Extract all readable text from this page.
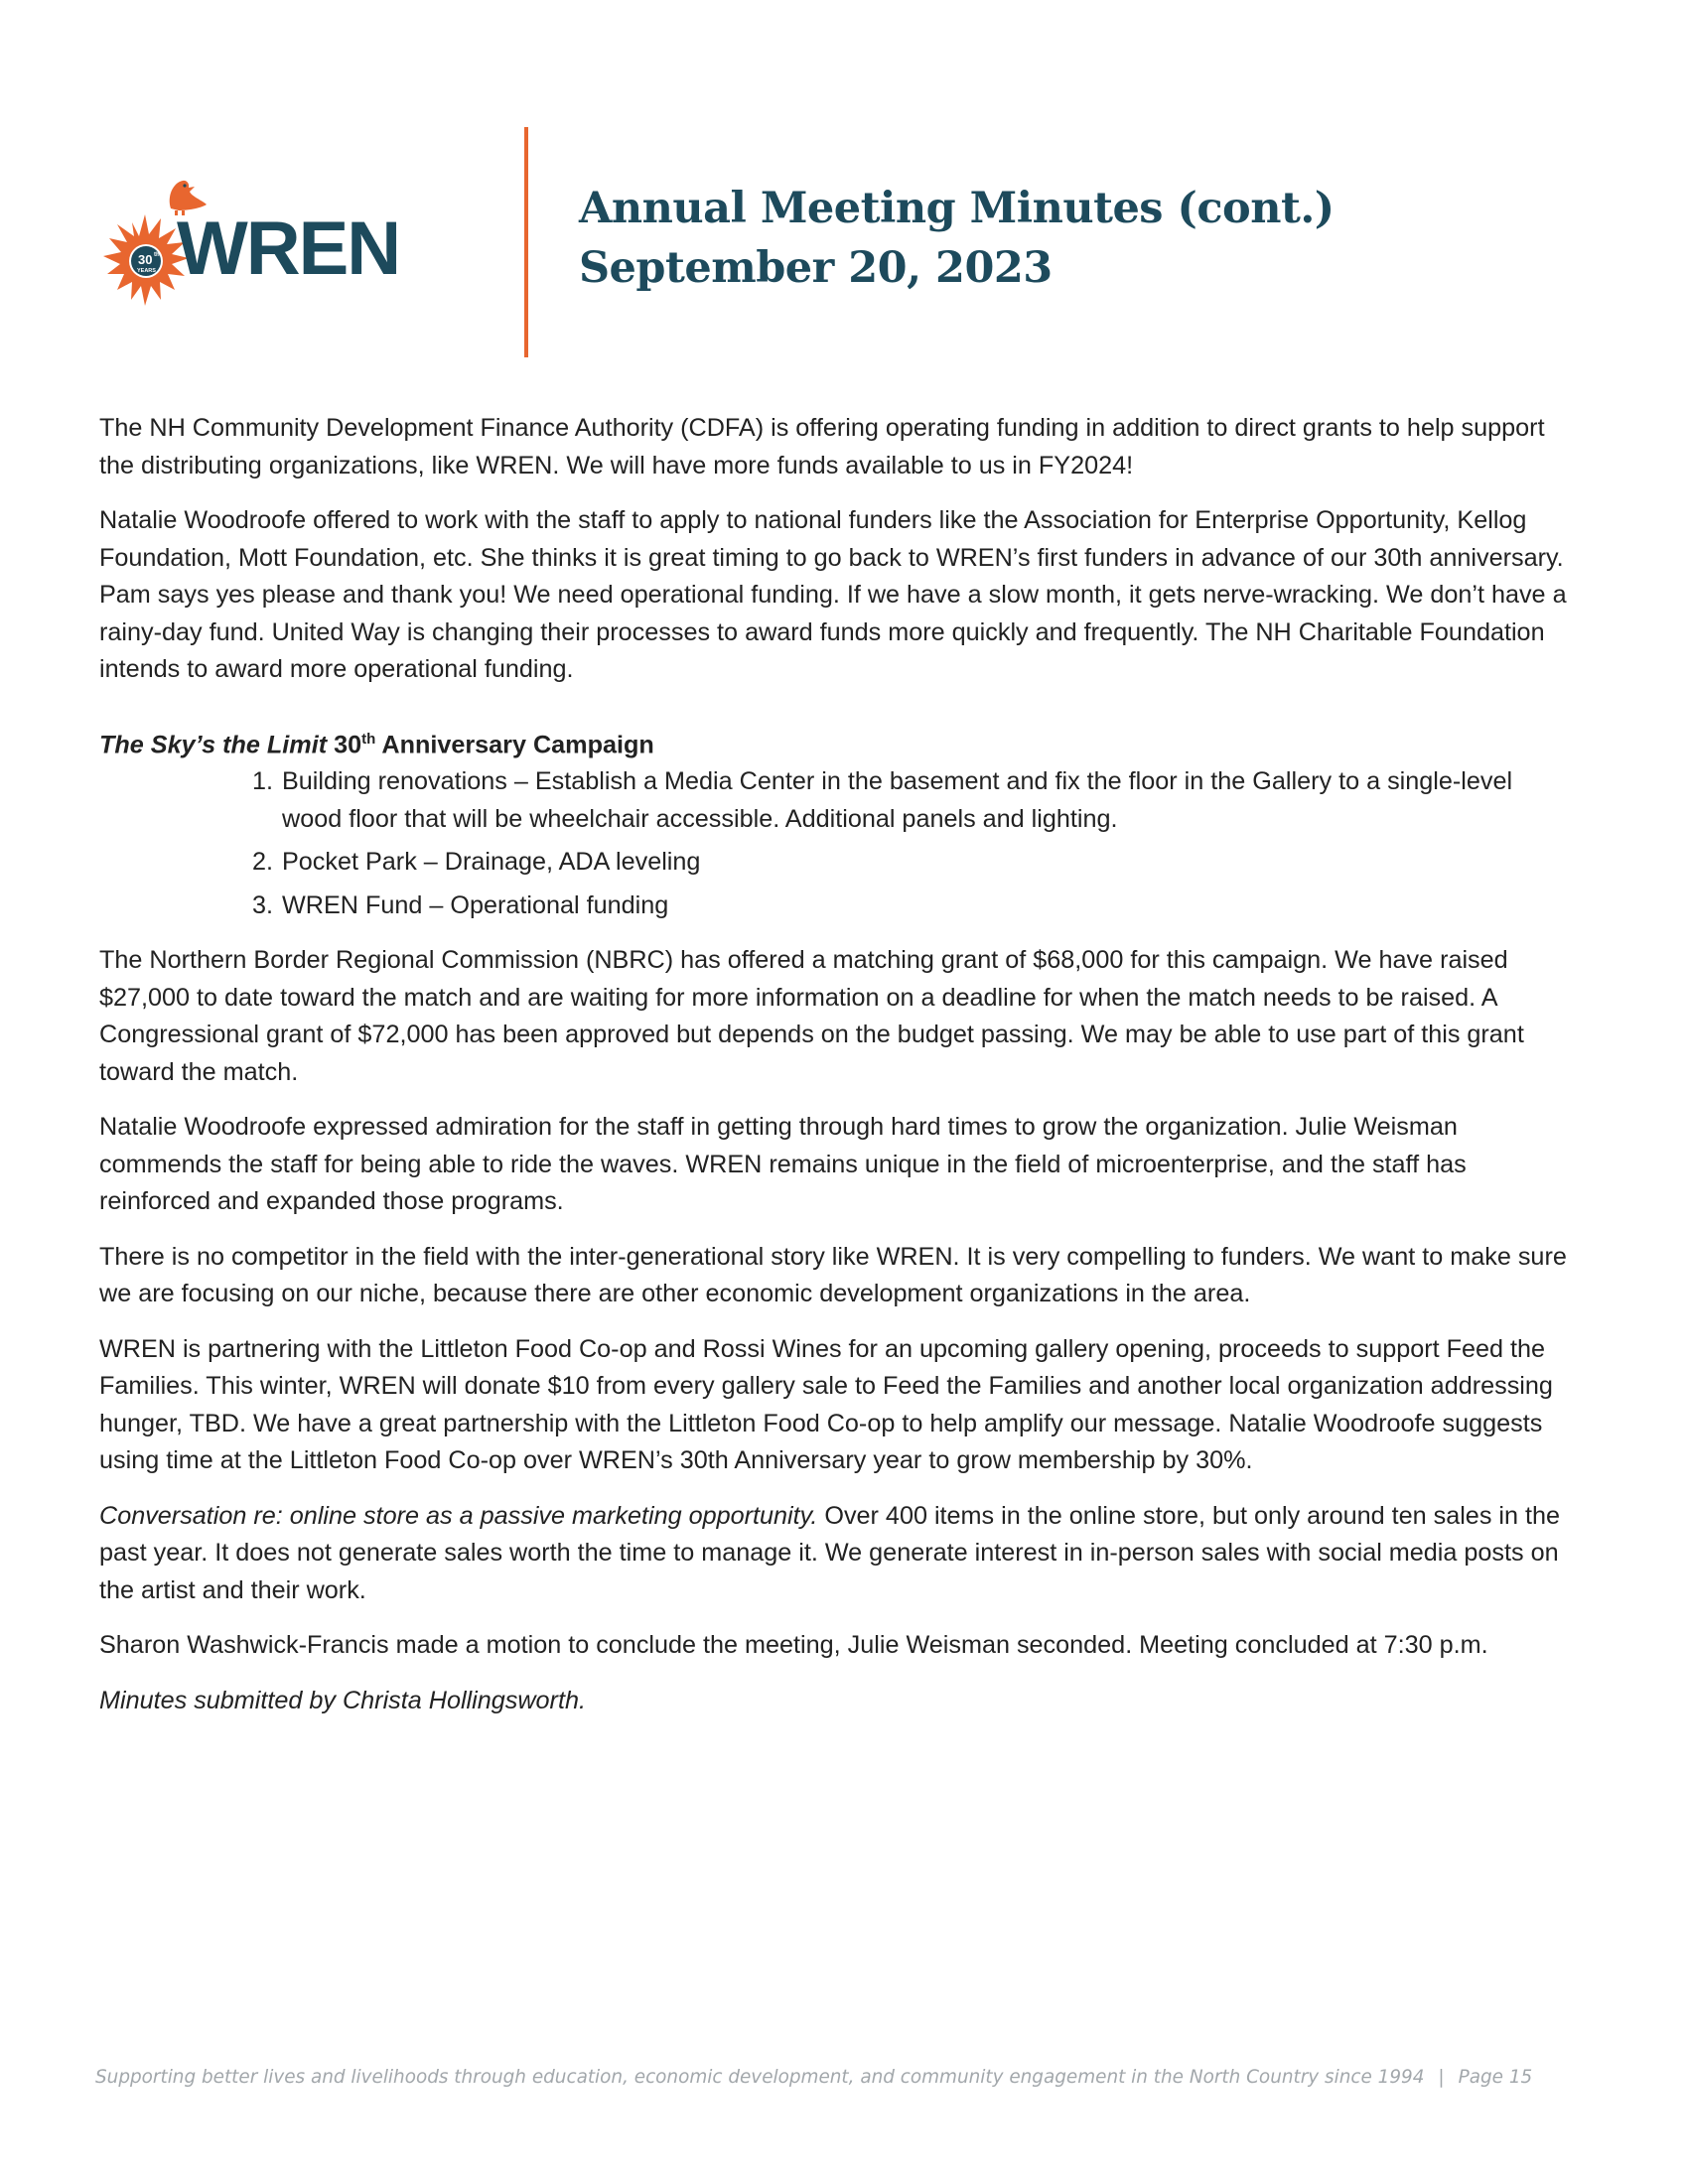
30 th
YEARS WREN	Annual Meeting Minutes (cont.)
September 20, 2023

The NH Community Development Finance Authority (CDFA) is offering operating funding in addition to direct grants to help support the distributing organizations, like WREN. We will have more funds available to us in FY2024!

Natalie Woodroofe offered to work with the staff to apply to national funders like the Association for Enterprise Opportunity, Kellog Foundation, Mott Foundation, etc. She thinks it is great timing to go back to WREN’s first funders in advance of our 30th anniversary. Pam says yes please and thank you! We need operational funding. If we have a slow month, it gets nerve-wracking. We don’t have a rainy-day fund. United Way is changing their processes to award funds more quickly and frequently. The NH Charitable Foundation intends to award more operational funding.

The Sky’s the Limit 30th Anniversary Campaign
1. Building renovations – Establish a Media Center in the basement and fix the floor in the Gallery to a single-level wood floor that will be wheelchair accessible. Additional panels and lighting.
2. Pocket Park – Drainage, ADA leveling
3. WREN Fund – Operational funding

The Northern Border Regional Commission (NBRC) has offered a matching grant of $68,000 for this campaign. We have raised $27,000 to date toward the match and are waiting for more information on a deadline for when the match needs to be raised. A Congressional grant of $72,000 has been approved but depends on the budget passing. We may be able to use part of this grant toward the match.

Natalie Woodroofe expressed admiration for the staff in getting through hard times to grow the organization. Julie Weisman commends the staff for being able to ride the waves. WREN remains unique in the field of microenterprise, and the staff has reinforced and expanded those programs.

There is no competitor in the field with the inter-generational story like WREN. It is very compelling to funders. We want to make sure we are focusing on our niche, because there are other economic development organizations in the area.

WREN is partnering with the Littleton Food Co-op and Rossi Wines for an upcoming gallery opening, proceeds to support Feed the Families. This winter, WREN will donate $10 from every gallery sale to Feed the Families and another local organization addressing hunger, TBD. We have a great partnership with the Littleton Food Co-op to help amplify our message. Natalie Woodroofe suggests using time at the Littleton Food Co-op over WREN’s 30th Anniversary year to grow membership by 30%.

Conversation re: online store as a passive marketing opportunity. Over 400 items in the online store, but only around ten sales in the past year. It does not generate sales worth the time to manage it. We generate interest in in-person sales with social media posts on the artist and their work.

Sharon Washwick-Francis made a motion to conclude the meeting, Julie Weisman seconded. Meeting concluded at 7:30 p.m.

Minutes submitted by Christa Hollingsworth.

Supporting better lives and livelihoods through education, economic development, and community engagement in the North Country since 1994 | Page 15
